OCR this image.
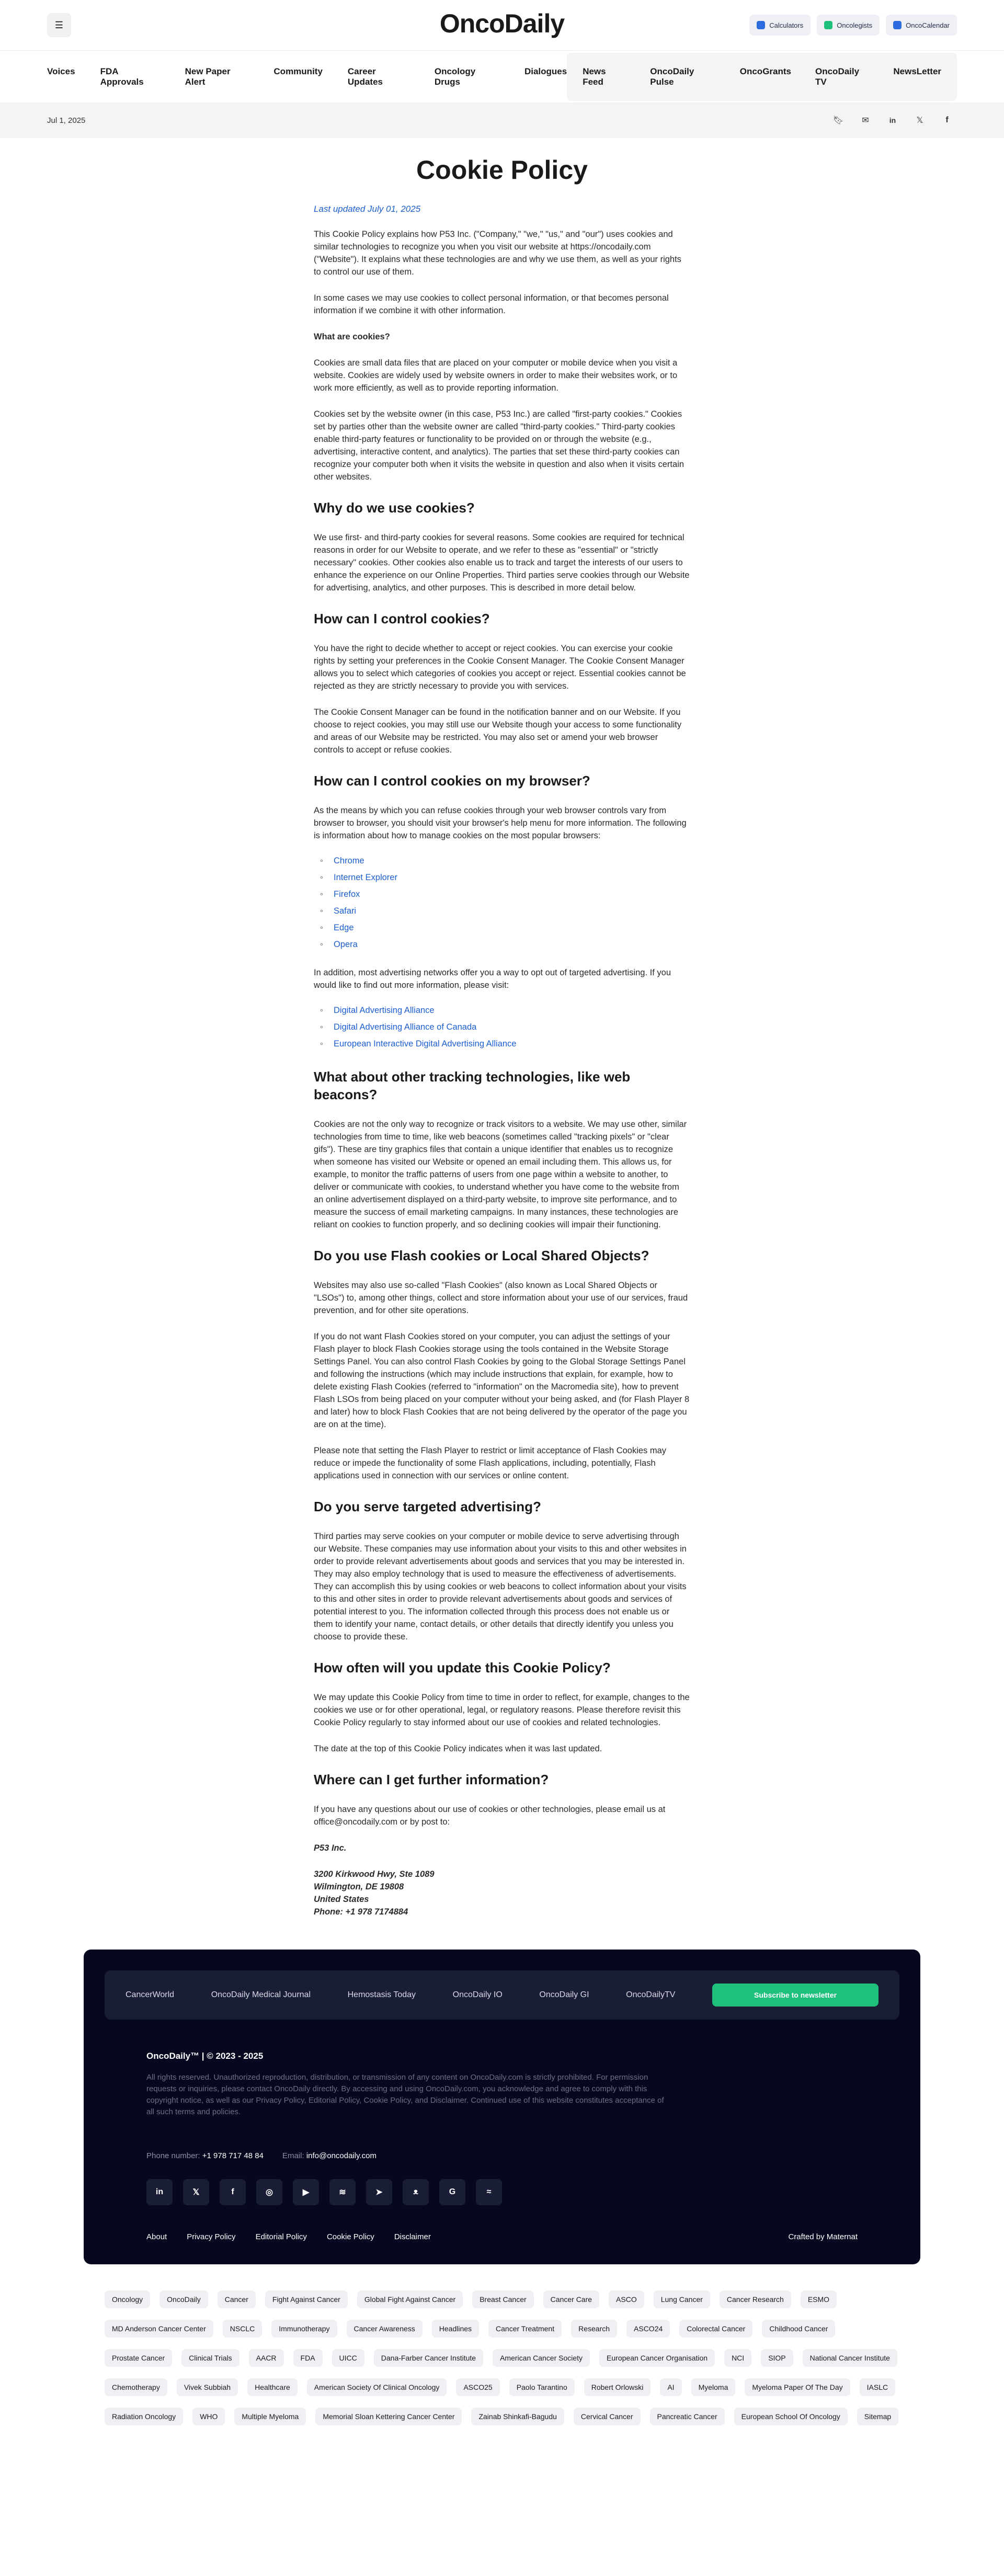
☰	OncoDaily	Calculators	Oncolegists	OncoCalendar
Voices	FDA Approvals
New Paper Alert
Community	Career Updates
Oncology Drugs
Dialogues News Feed
OncoDaily Pulse
OncoGrants	OncoDaily TV
NewsLetter
Jul 1, 2025	🔖︎	✉	in	𝕏	f
Cookie Policy
Last updated July 01, 2025

This Cookie Policy explains how P53 Inc. ("Company," "we," "us," and "our") uses cookies and similar technologies to recognize you when you visit our website at https://oncodaily.com ("Website"). It explains what these technologies are and why we use them, as well as your rights to control our use of them.

In some cases we may use cookies to collect personal information, or that becomes personal information if we combine it with other information.

What are cookies?

Cookies are small data files that are placed on your computer or mobile device when you visit a website. Cookies are widely used by website owners in order to make their websites work, or to work more efficiently, as well as to provide reporting information.

Cookies set by the website owner (in this case, P53 Inc.) are called "first-party cookies." Cookies set by parties other than the website owner are called "third-party cookies." Third-party cookies enable third-party features or functionality to be provided on or through the website (e.g., advertising, interactive content, and analytics). The parties that set these third-party cookies can recognize your computer both when it visits the website in question and also when it visits certain other websites.

Why do we use cookies?

We use first- and third-party cookies for several reasons. Some cookies are required for technical reasons in order for our Website to operate, and we refer to these as "essential" or "strictly necessary" cookies. Other cookies also enable us to track and target the interests of our users to enhance the experience on our Online Properties. Third parties serve cookies through our Website for advertising, analytics, and other purposes. This is described in more detail below.

How can I control cookies?

You have the right to decide whether to accept or reject cookies. You can exercise your cookie rights by setting your preferences in the Cookie Consent Manager. The Cookie Consent Manager allows you to select which categories of cookies you accept or reject. Essential cookies cannot be rejected as they are strictly necessary to provide you with services.

The Cookie Consent Manager can be found in the notification banner and on our Website. If you choose to reject cookies, you may still use our Website though your access to some functionality and areas of our Website may be restricted. You may also set or amend your web browser controls to accept or refuse cookies.

How can I control cookies on my browser?

As the means by which you can refuse cookies through your web browser controls vary from browser to browser, you should visit your browser's help menu for more information. The following is information about how to manage cookies on the most popular browsers:

◦ Chrome
◦ Internet Explorer
◦ Firefox
◦ Safari
◦ Edge
◦ Opera

In addition, most advertising networks offer you a way to opt out of targeted advertising. If you would like to find out more information, please visit:

◦ Digital Advertising Alliance
◦ Digital Advertising Alliance of Canada
◦ European Interactive Digital Advertising Alliance
What about other tracking technologies, like web beacons?

Cookies are not the only way to recognize or track visitors to a website. We may use other, similar technologies from time to time, like web beacons (sometimes called "tracking pixels" or "clear gifs"). These are tiny graphics files that contain a unique identifier that enables us to recognize when someone has visited our Website or opened an email including them. This allows us, for example, to monitor the traffic patterns of users from one page within a website to another, to deliver or communicate with cookies, to understand whether you have come to the website from an online advertisement displayed on a third-party website, to improve site performance, and to measure the success of email marketing campaigns. In many instances, these technologies are reliant on cookies to function properly, and so declining cookies will impair their functioning.

Do you use Flash cookies or Local Shared Objects?

Websites may also use so-called "Flash Cookies" (also known as Local Shared Objects or "LSOs") to, among other things, collect and store information about your use of our services, fraud prevention, and for other site operations.

If you do not want Flash Cookies stored on your computer, you can adjust the settings of your Flash player to block Flash Cookies storage using the tools contained in the Website Storage Settings Panel. You can also control Flash Cookies by going to the Global Storage Settings Panel and following the instructions (which may include instructions that explain, for example, how to delete existing Flash Cookies (referred to "information" on the Macromedia site), how to prevent Flash LSOs from being placed on your computer without your being asked, and (for Flash Player 8 and later) how to block Flash Cookies that are not being delivered by the operator of the page you are on at the time).

Please note that setting the Flash Player to restrict or limit acceptance of Flash Cookies may reduce or impede the functionality of some Flash applications, including, potentially, Flash applications used in connection with our services or online content.

Do you serve targeted advertising?

Third parties may serve cookies on your computer or mobile device to serve advertising through our Website. These companies may use information about your visits to this and other websites in order to provide relevant advertisements about goods and services that you may be interested in. They may also employ technology that is used to measure the effectiveness of advertisements. They can accomplish this by using cookies or web beacons to collect information about your visits to this and other sites in order to provide relevant advertisements about goods and services of potential interest to you. The information collected through this process does not enable us or them to identify your name, contact details, or other details that directly identify you unless you choose to provide these.

How often will you update this Cookie Policy?

We may update this Cookie Policy from time to time in order to reflect, for example, changes to the cookies we use or for other operational, legal, or regulatory reasons. Please therefore revisit this Cookie Policy regularly to stay informed about our use of cookies and related technologies.

The date at the top of this Cookie Policy indicates when it was last updated.

Where can I get further information?

If you have any questions about our use of cookies or other technologies, please email us at office@oncodaily.com or by post to:

P53 Inc.

3200 Kirkwood Hwy, Ste 1089

Wilmington, DE 19808

United States

Phone: +1 978 7174884

CancerWorld	OncoDaily Medical Journal	Hemostasis Today	OncoDaily IO	OncoDaily GI	OncoDailyTV	Subscribe to newsletter
OncoDaily™ | © 2023 - 2025
All rights reserved. Unauthorized reproduction, distribution, or transmission of any content on OncoDaily.com is strictly prohibited. For permission requests or inquiries, please contact OncoDaily directly. By accessing and using OncoDaily.com, you acknowledge and agree to comply with this copyright notice, as well as our Privacy Policy, Editorial Policy, Cookie Policy, and Disclaimer. Continued use of this website constitutes acceptance of all such terms and policies.
Phone number: +1 978 717 48 84 Email: info@oncodaily.com
in	𝕏	f	◎	▶	≋	➤	ᴥ	G	≈
About	Privacy Policy	Editorial Policy	Cookie Policy	Disclaimer	Crafted by Maternat
Oncology	OncoDaily	Cancer	Fight Against Cancer	Global Fight Against Cancer	Breast Cancer	Cancer Care	ASCO	Lung Cancer	Cancer Research	ESMO
MD Anderson Cancer Center	NSCLC	Immunotherapy	Cancer Awareness	Headlines	Cancer Treatment	Research	ASCO24	Colorectal Cancer	Childhood Cancer
Prostate Cancer	Clinical Trials	AACR	FDA	UICC	Dana-Farber Cancer Institute	American Cancer Society	European Cancer Organisation	NCI	SIOP	National Cancer Institute
Chemotherapy	Vivek Subbiah	Healthcare	American Society Of Clinical Oncology	ASCO25	Paolo Tarantino	Robert Orlowski	AI	Myeloma	Myeloma Paper Of The Day	IASLC
Radiation Oncology	WHO	Multiple Myeloma	Memorial Sloan Kettering Cancer Center	Zainab Shinkafi-Bagudu	Cervical Cancer	Pancreatic Cancer	European School Of Oncology	Sitemap
